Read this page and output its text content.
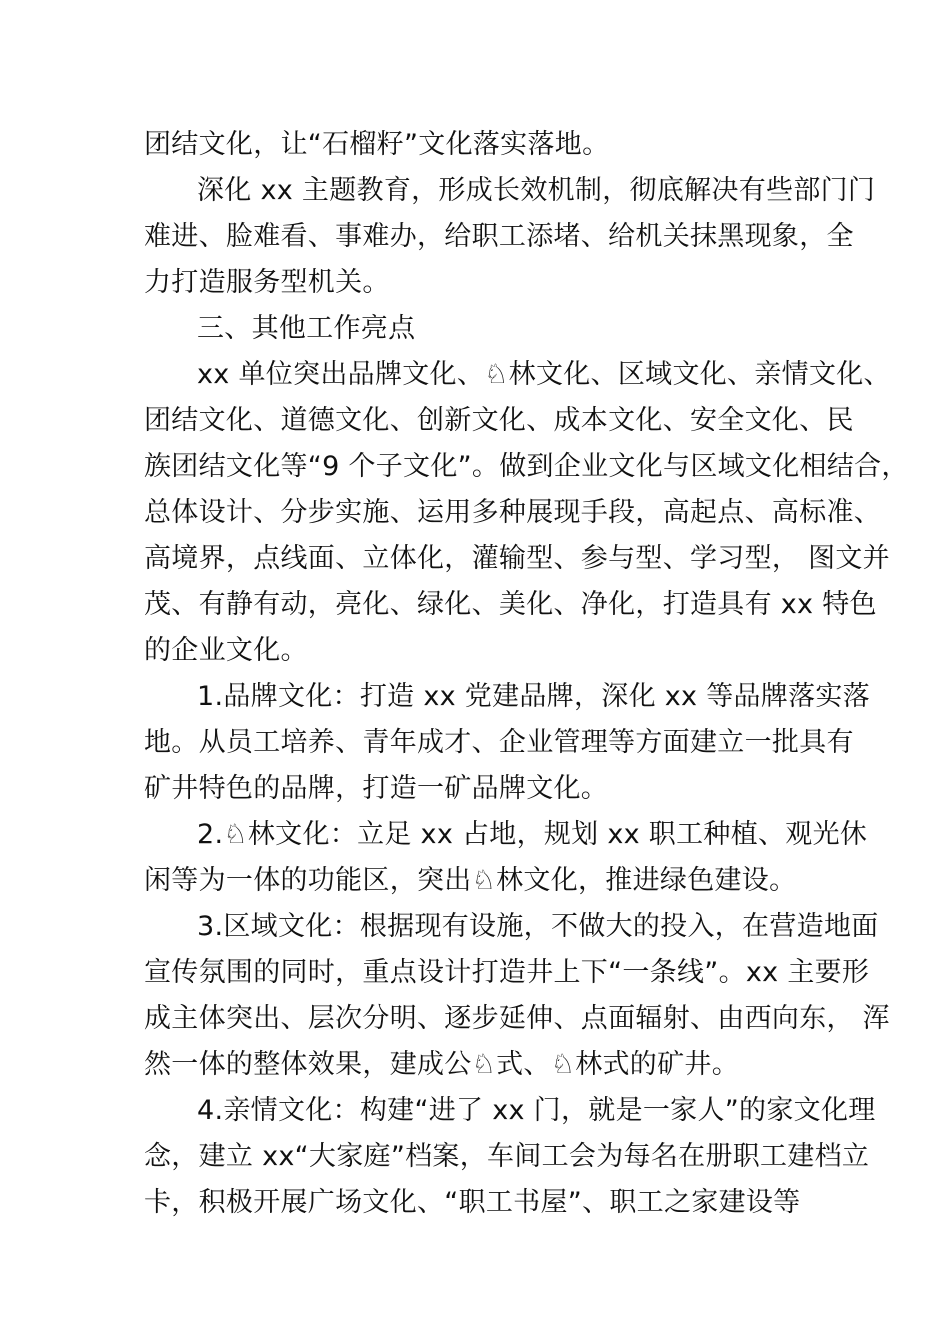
团结文化，让“石榴籽”文化落实落地。
深化 xx 主题教育，形成长效机制，彻底解决有些部门门
难进、脸难看、事难办，给职工添堵、给机关抹黑现象，全
力打造服务型机关。
三、其他工作亮点
xx 单位突出品牌文化、♘林文化、区域文化、亲情文化、
团结文化、道德文化、创新文化、成本文化、安全文化、民
族团结文化等“9 个子文化”。做到企业文化与区域文化相结合，
总体设计、分步实施、运用多种展现手段，高起点、高标准、
高境界，点线面、立体化，灌输型、参与型、学习型， 图文并
茂、有静有动，亮化、绿化、美化、净化，打造具有 xx 特色
的企业文化。
1.品牌文化：打造 xx 党建品牌，深化 xx 等品牌落实落
地。从员工培养、青年成才、企业管理等方面建立一批具有
矿井特色的品牌，打造一矿品牌文化。
2.♘林文化：立足 xx 占地，规划 xx 职工种植、观光休
闲等为一体的功能区，突出♘林文化，推进绿色建设。
3.区域文化：根据现有设施，不做大的投入，在营造地面
宣传氛围的同时，重点设计打造井上下“一条线”。xx 主要形
成主体突出、层次分明、逐步延伸、点面辐射、由西向东， 浑
然一体的整体效果，建成公♘式、♘林式的矿井。
4.亲情文化：构建“进了 xx 门，就是一家人”的家文化理
念，建立 xx“大家庭”档案，车间工会为每名在册职工建档立
卡，积极开展广场文化、“职工书屋”、职工之家建设等
